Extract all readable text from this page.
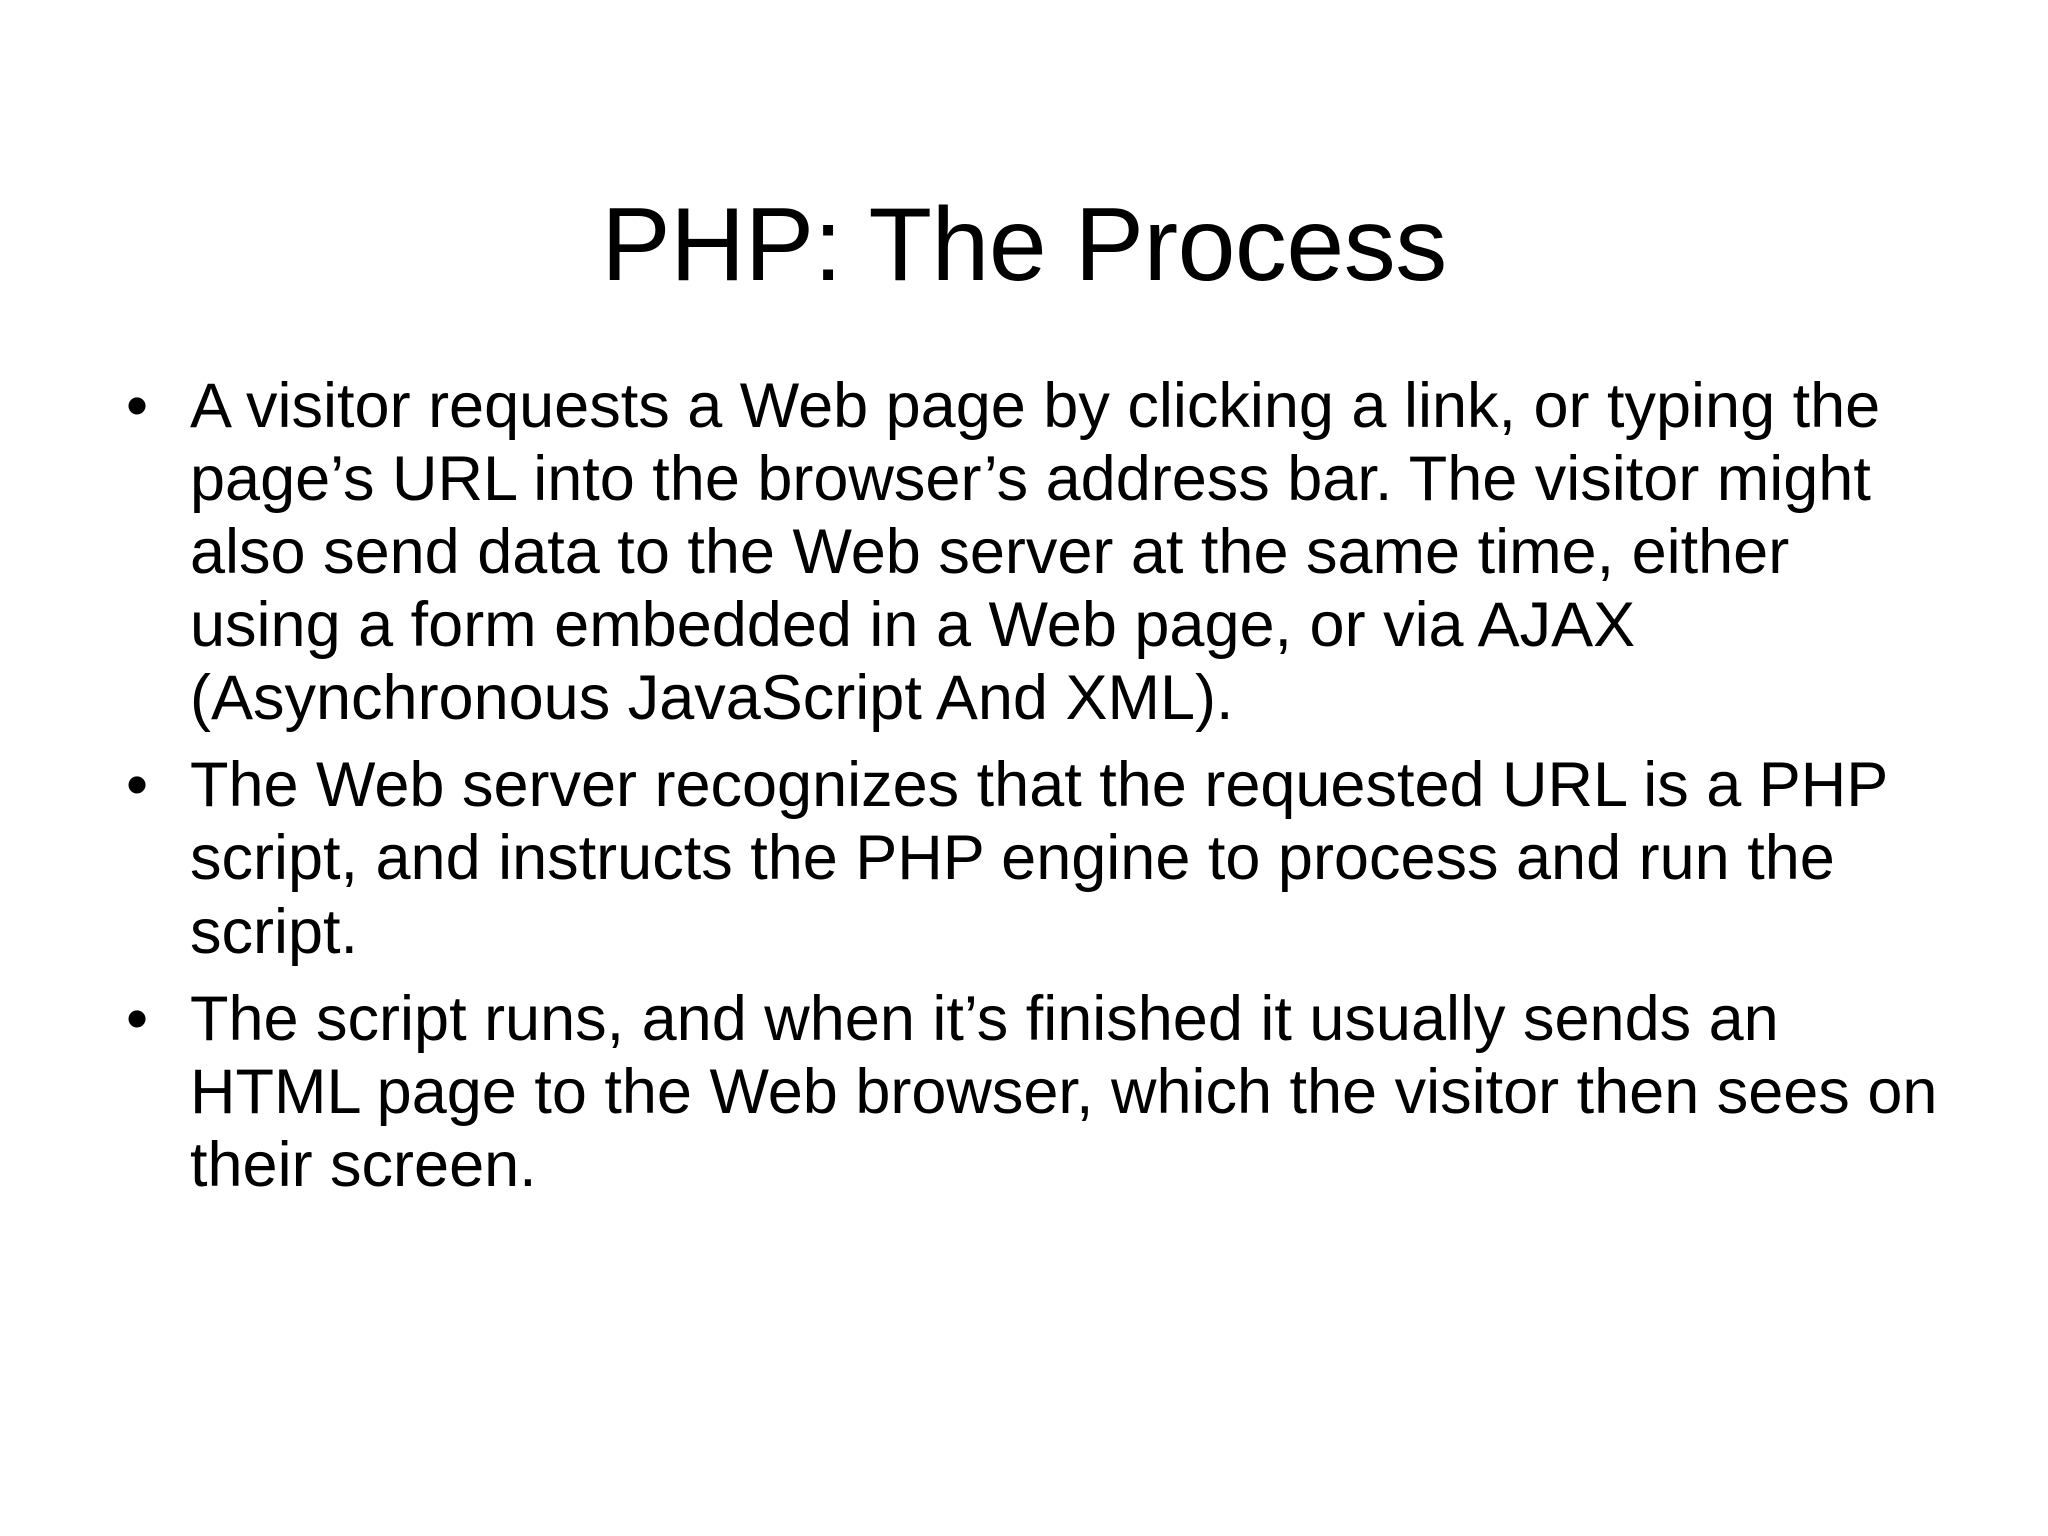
PHP: The Process
• A visitor requests a Web page by clicking a link, or typing the page’s URL into the browser’s address bar. The visitor might also send data to the Web server at the same time, either using a form embedded in a Web page, or via AJAX (Asynchronous JavaScript And XML).
• The Web server recognizes that the requested URL is a PHP script, and instructs the PHP engine to process and run the script.
• The script runs, and when it’s finished it usually sends an HTML page to the Web browser, which the visitor then sees on their screen.
